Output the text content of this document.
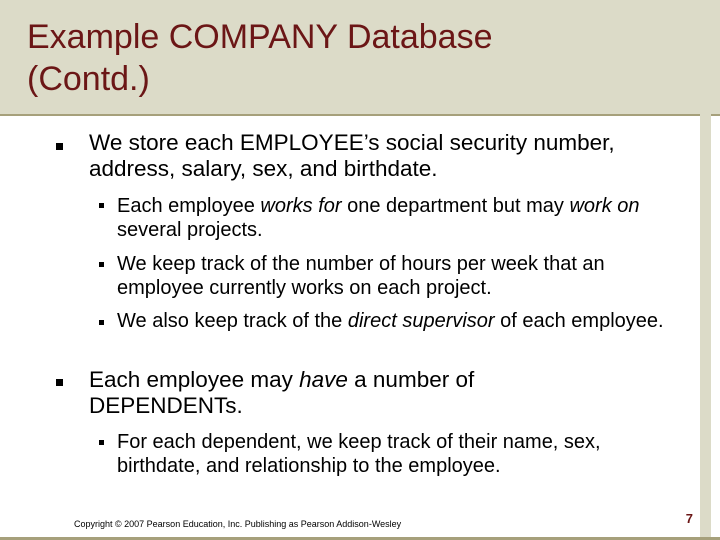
Example COMPANY Database
(Contd.)
We store each EMPLOYEE’s social security number, address, salary, sex, and birthdate.
Each employee works for one department but may work on several projects.
We keep track of the number of hours per week that an employee currently works on each project.
We also keep track of the direct supervisor of each employee.
Each employee may have a number of DEPENDENTs.
For each dependent, we keep track of their name, sex, birthdate, and relationship to the employee.
Copyright © 2007 Pearson Education, Inc. Publishing as Pearson Addison-Wesley	7
